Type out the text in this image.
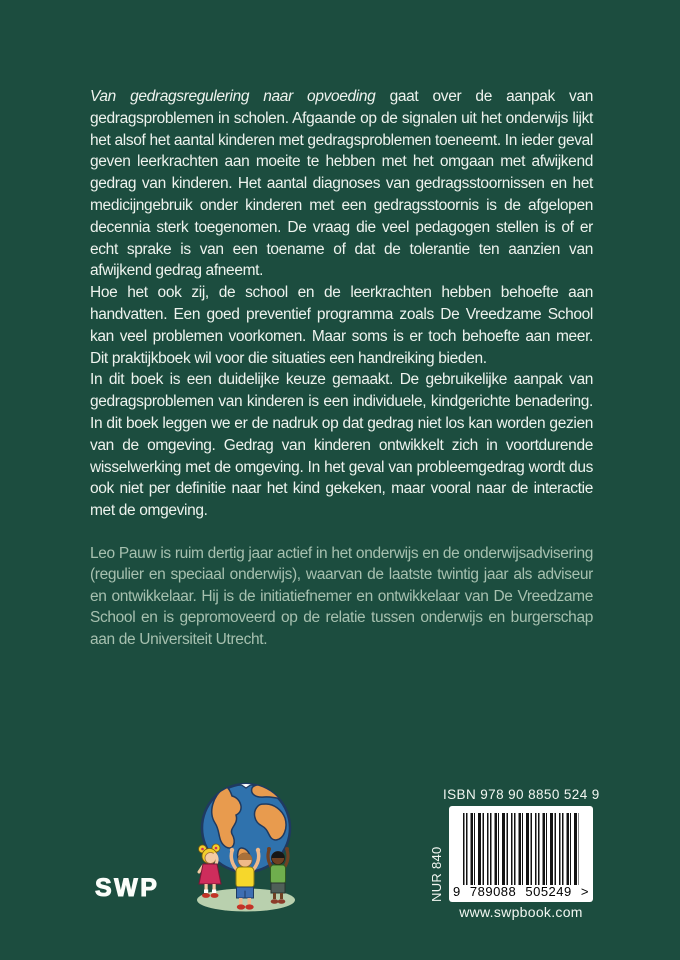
Van gedragsregulering naar opvoeding gaat over de aanpak van gedragsproblemen in scholen. Afgaande op de signalen uit het onderwijs lijkt het alsof het aantal kinderen met gedragsproblemen toeneemt. In ieder geval geven leerkrachten aan moeite te hebben met het omgaan met afwijkend gedrag van kinderen. Het aantal diagnoses van gedragsstoornissen en het medicijngebruik onder kinderen met een gedragsstoornis is de afgelopen decennia sterk toegenomen. De vraag die veel pedagogen stellen is of er echt sprake is van een toename of dat de tolerantie ten aanzien van afwijkend gedrag afneemt.

Hoe het ook zij, de school en de leerkrachten hebben behoefte aan handvatten. Een goed preventief programma zoals De Vreedzame School kan veel problemen voorkomen. Maar soms is er toch behoefte aan meer. Dit praktijkboek wil voor die situaties een handreiking bieden.

In dit boek is een duidelijke keuze gemaakt. De gebruikelijke aanpak van gedragsproblemen van kinderen is een individuele, kindgerichte benadering. In dit boek leggen we er de nadruk op dat gedrag niet los kan worden gezien van de omgeving. Gedrag van kinderen ontwikkelt zich in voortdurende wisselwerking met de omgeving. In het geval van probleemgedrag wordt dus ook niet per definitie naar het kind gekeken, maar vooral naar de interactie met de omgeving.

Leo Pauw is ruim dertig jaar actief in het onderwijs en de onderwijsadvisering (regulier en speciaal onderwijs), waarvan de laatste twintig jaar als adviseur en ontwikkelaar. Hij is de initiatiefnemer en ontwikkelaar van De Vreedzame School en is gepromoveerd op de relatie tussen onderwijs en burgerschap aan de Universiteit Utrecht.

SWP
ISBN 978 90 8850 524 9
9 789088 505249 >
NUR 840
www.swpbook.com
